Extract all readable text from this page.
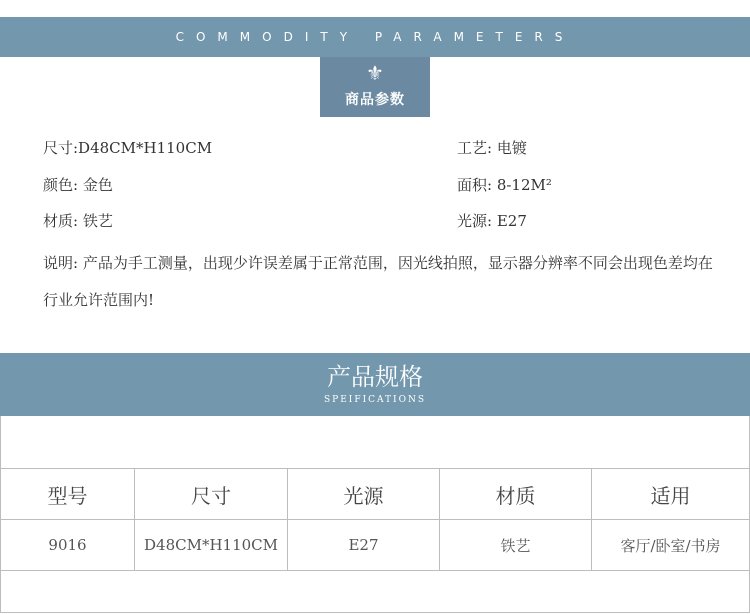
COMMODITY PARAMETERS
⚜
商品参数
尺寸:D48CM*H110CM	工艺: 电镀
颜色: 金色	面积: 8-12M²
材质: 铁艺	光源: E27
说明: 产品为手工测量，出现少许误差属于正常范围，因光线拍照，显示器分辨率不同会出现色差均在行业允许范围内!
产品规格
SPEIFICATIONS
型号	尺寸	光源	材质	适用
9016	D48CM*H110CM	E27	铁艺	客厅/卧室/书房
